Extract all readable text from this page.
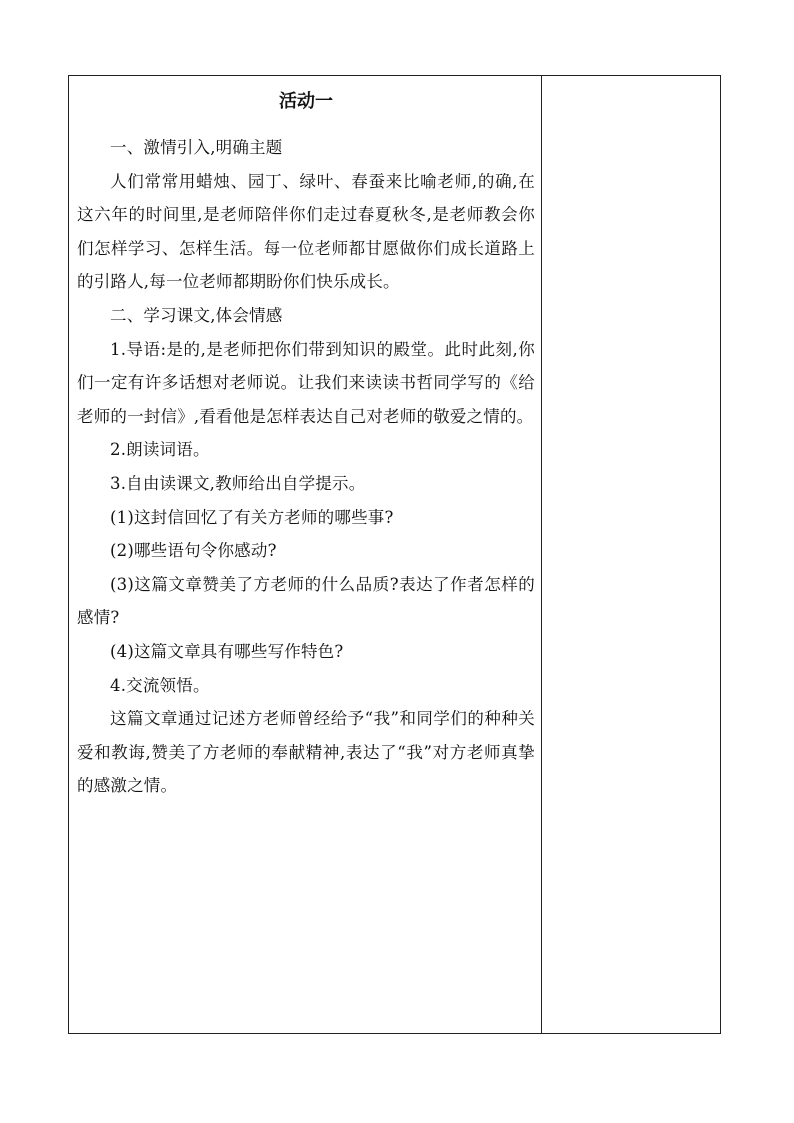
活动一

一、激情引入,明确主题

人们常常用蜡烛、园丁、绿叶、春蚕来比喻老师,的确,在这六年的时间里,是老师陪伴你们走过春夏秋冬,是老师教会你们怎样学习、怎样生活。每一位老师都甘愿做你们成长道路上的引路人,每一位老师都期盼你们快乐成长。

二、学习课文,体会情感

1.导语:是的,是老师把你们带到知识的殿堂。此时此刻,你们一定有许多话想对老师说。让我们来读读书哲同学写的《给老师的一封信》,看看他是怎样表达自己对老师的敬爱之情的。

2.朗读词语。

3.自由读课文,教师给出自学提示。

(1)这封信回忆了有关方老师的哪些事?

(2)哪些语句令你感动?

(3)这篇文章赞美了方老师的什么品质?表达了作者怎样的感情?

(4)这篇文章具有哪些写作特色?

4.交流领悟。

这篇文章通过记述方老师曾经给予“我”和同学们的种种关爱和教诲,赞美了方老师的奉献精神,表达了“我”对方老师真挚的感激之情。
